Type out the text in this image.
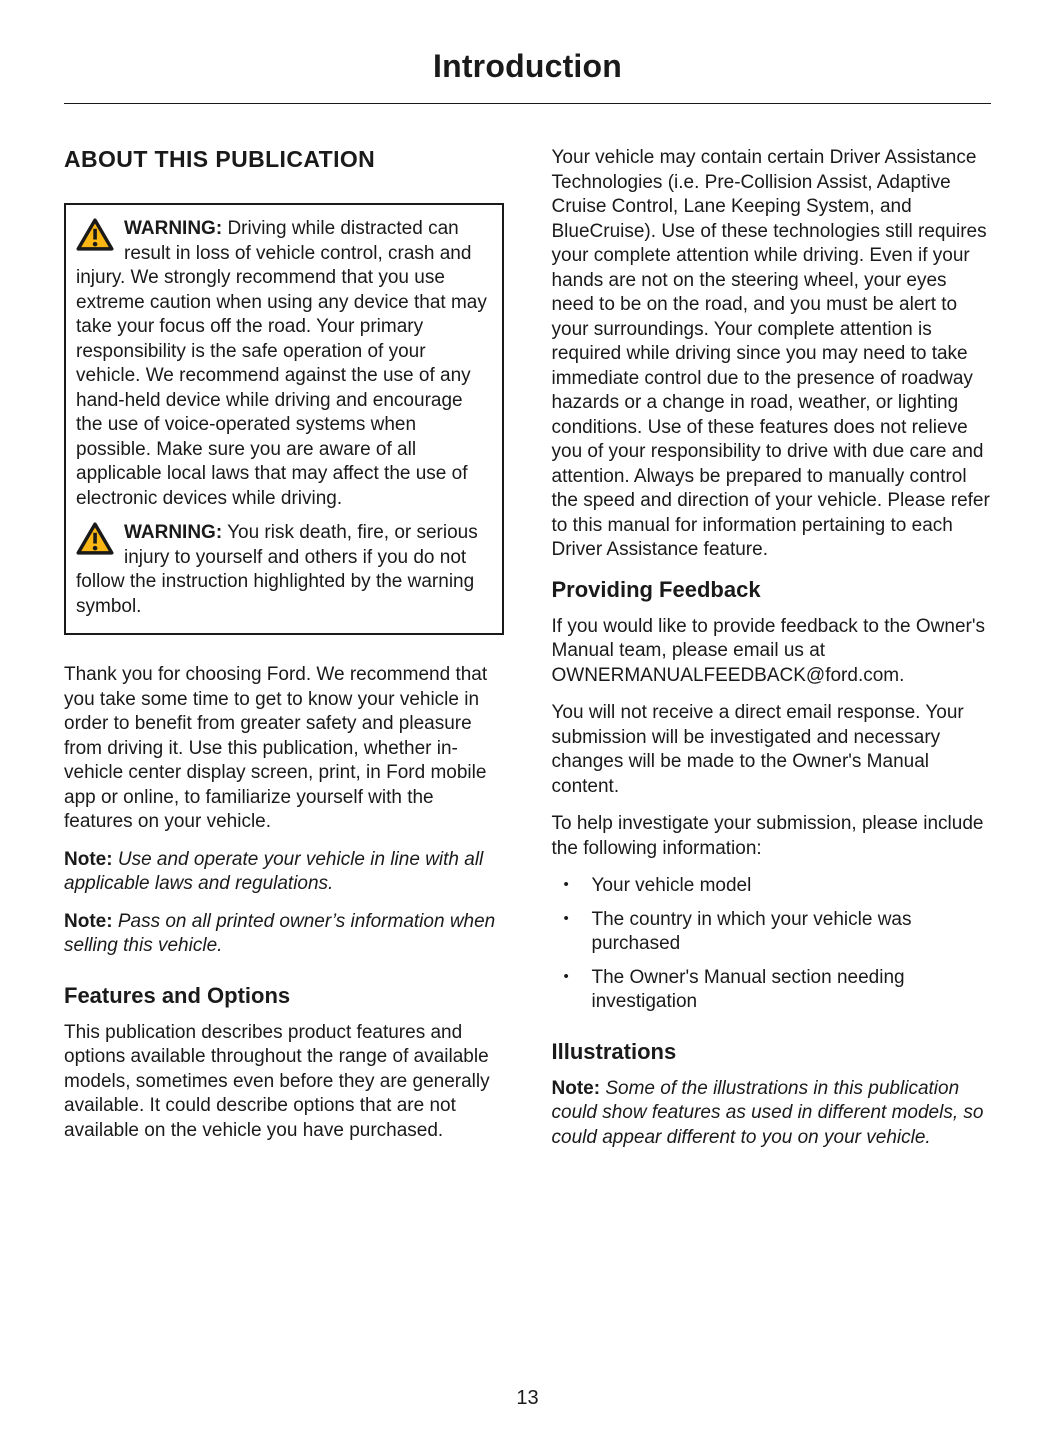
Introduction
ABOUT THIS PUBLICATION

WARNING: Driving while distracted can result in loss of vehicle control, crash and injury. We strongly recommend that you use extreme caution when using any device that may take your focus off the road. Your primary responsibility is the safe operation of your vehicle. We recommend against the use of any hand-held device while driving and encourage the use of voice-operated systems when possible. Make sure you are aware of all applicable local laws that may affect the use of electronic devices while driving.

WARNING: You risk death, fire, or serious injury to yourself and others if you do not follow the instruction highlighted by the warning symbol.

Thank you for choosing Ford. We recommend that you take some time to get to know your vehicle in order to benefit from greater safety and pleasure from driving it. Use this publication, whether in-vehicle center display screen, print, in Ford mobile app or online, to familiarize yourself with the features on your vehicle.

Note: Use and operate your vehicle in line with all applicable laws and regulations.

Note: Pass on all printed owner’s information when selling this vehicle.

Features and Options

This publication describes product features and options available throughout the range of available models, sometimes even before they are generally available. It could describe options that are not available on the vehicle you have purchased.

Your vehicle may contain certain Driver Assistance Technologies (i.e. Pre-Collision Assist, Adaptive Cruise Control, Lane Keeping System, and BlueCruise). Use of these technologies still requires your complete attention while driving. Even if your hands are not on the steering wheel, your eyes need to be on the road, and you must be alert to your surroundings. Your complete attention is required while driving since you may need to take immediate control due to the presence of roadway hazards or a change in road, weather, or lighting conditions. Use of these features does not relieve you of your responsibility to drive with due care and attention. Always be prepared to manually control the speed and direction of your vehicle. Please refer to this manual for information pertaining to each Driver Assistance feature.

Providing Feedback

If you would like to provide feedback to the Owner's Manual team, please email us at OWNERMANUALFEEDBACK@ford.com.

You will not receive a direct email response. Your submission will be investigated and necessary changes will be made to the Owner's Manual content.

To help investigate your submission, please include the following information:

• Your vehicle model
• The country in which your vehicle was purchased
• The Owner's Manual section needing investigation
Illustrations

Note: Some of the illustrations in this publication could show features as used in different models, so could appear different to you on your vehicle.

13
